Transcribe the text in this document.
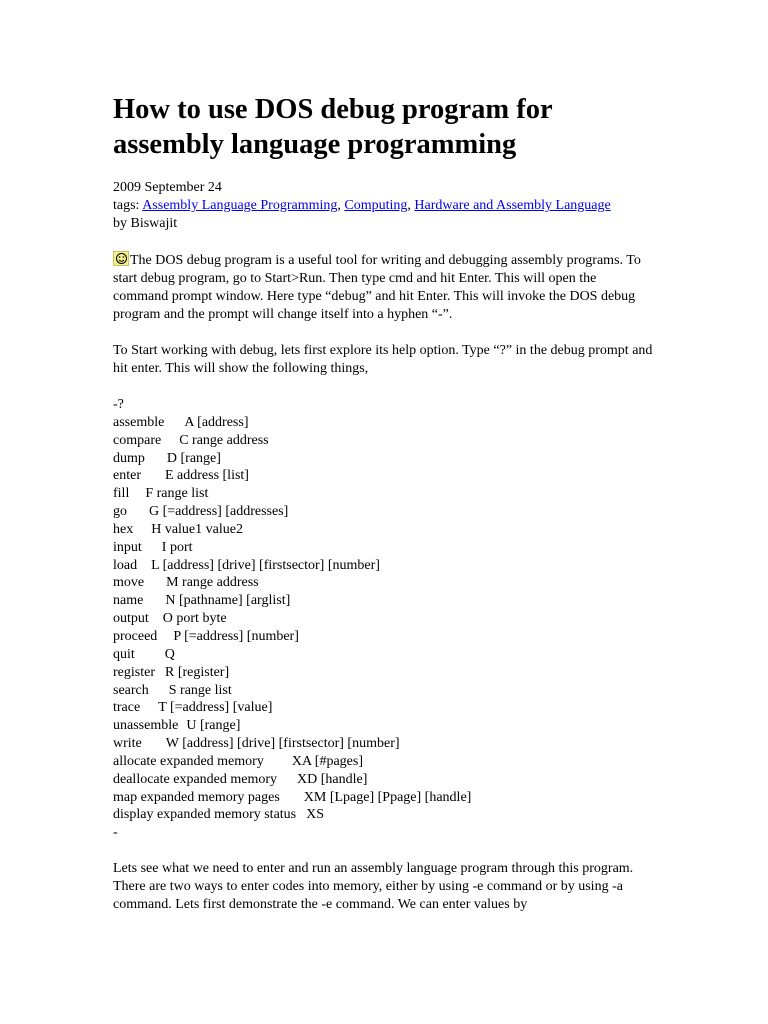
How to use DOS debug program for assembly language programming
2009 September 24
tags: Assembly Language Programming, Computing, Hardware and Assembly Language
by Biswajit

The DOS debug program is a useful tool for writing and debugging assembly programs. To start debug program, go to Start>Run. Then type cmd and hit Enter. This will open the command prompt window. Here type “debug” and hit Enter. This will invoke the DOS debug program and the prompt will change itself into a hyphen “-”.

To Start working with debug, lets first explore its help option. Type “?” in the debug prompt and hit enter. This will show the following things,

-?
assemble A [address]
compare C range address
dump D [range]
enter E address [list]
fill F range list
go G [=address] [addresses]
hex H value1 value2
input I port
load L [address] [drive] [firstsector] [number]
move M range address
name N [pathname] [arglist]
output O port byte
proceed P [=address] [number]
quit Q
register R [register]
search S range list
trace T [=address] [value]
unassemble U [range]
write W [address] [drive] [firstsector] [number]
allocate expanded memory XA [#pages]
deallocate expanded memory XD [handle]
map expanded memory pages XM [Lpage] [Ppage] [handle]
display expanded memory status XS
-

Lets see what we need to enter and run an assembly language program through this program. There are two ways to enter codes into memory, either by using -e command or by using -a command. Lets first demonstrate the -e command. We can enter values by
